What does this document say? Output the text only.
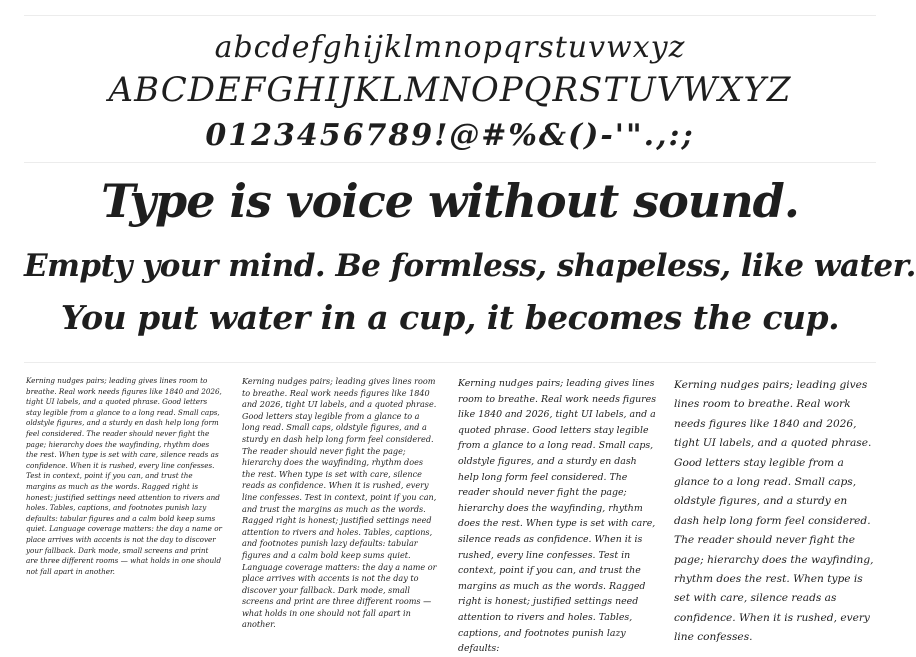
abcdefghijklmnopqrstuvwxyz
ABCDEFGHIJKLMNOPQRSTUVWXYZ
0123456789!@#%&()-'".,:;
Type is voice without sound.
Empty your mind. Be formless, shapeless, like water.
You put water in a cup, it becomes the cup.
Kerning nudges pairs; leading gives lines room to breathe. Real work needs figures like 1840 and 2026, tight UI labels, and a quoted phrase. Good letters stay legible from a glance to a long read. Small caps, oldstyle figures, and a sturdy en dash help long form feel considered. The reader should never fight the page; hierarchy does the wayfinding, rhythm does the rest. When type is set with care, silence reads as confidence. When it is rushed, every line confesses. Test in context, point if you can, and trust the margins as much as the words. Ragged right is honest; justified settings need attention to rivers and holes. Tables, captions, and footnotes punish lazy defaults: tabular figures and a calm bold keep sums quiet. Language coverage matters: the day a name or place arrives with accents is not the day to discover your fallback. Dark mode, small screens and print are three different rooms — what holds in one should not fall apart in another.
Kerning nudges pairs; leading gives lines room to breathe. Real work needs figures like 1840 and 2026, tight UI labels, and a quoted phrase. Good letters stay legible from a glance to a long read. Small caps, oldstyle figures, and a sturdy en dash help long form feel considered. The reader should never fight the page; hierarchy does the wayfinding, rhythm does the rest. When type is set with care, silence reads as confidence. When it is rushed, every line confesses. Test in context, point if you can, and trust the margins as much as the words. Ragged right is honest; justified settings need attention to rivers and holes. Tables, captions, and footnotes punish lazy defaults: tabular figures and a calm bold keep sums quiet. Language coverage matters: the day a name or place arrives with accents is not the day to discover your fallback. Dark mode, small screens and print are three different rooms — what holds in one should not fall apart in another.
Kerning nudges pairs; leading gives lines room to breathe. Real work needs figures like 1840 and 2026, tight UI labels, and a quoted phrase. Good letters stay legible from a glance to a long read. Small caps, oldstyle figures, and a sturdy en dash help long form feel considered. The reader should never fight the page; hierarchy does the wayfinding, rhythm does the rest. When type is set with care, silence reads as confidence. When it is rushed, every line confesses. Test in context, point if you can, and trust the margins as much as the words. Ragged right is honest; justified settings need attention to rivers and holes. Tables, captions, and footnotes punish lazy defaults:
Kerning nudges pairs; leading gives lines room to breathe. Real work needs figures like 1840 and 2026, tight UI labels, and a quoted phrase. Good letters stay legible from a glance to a long read. Small caps, oldstyle figures, and a sturdy en dash help long form feel considered. The reader should never fight the page; hierarchy does the wayfinding, rhythm does the rest. When type is set with care, silence reads as confidence. When it is rushed, every line confesses.
